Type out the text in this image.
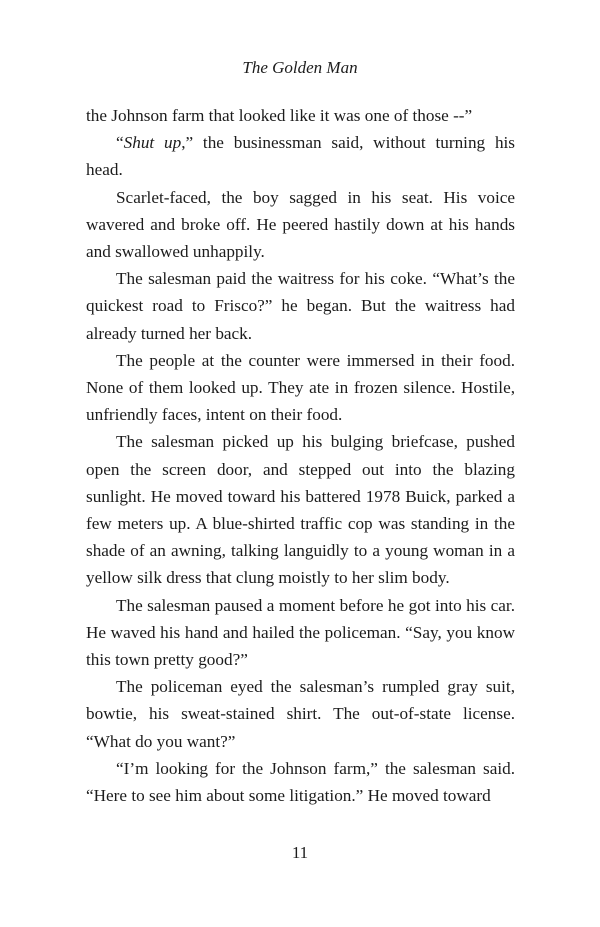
The Golden Man

the Johnson farm that looked like it was one of those --”

“Shut up,” the businessman said, without turning his head.

Scarlet-faced, the boy sagged in his seat. His voice wavered and broke off. He peered hastily down at his hands and swallowed unhappily.

The salesman paid the waitress for his coke. “What’s the quickest road to Frisco?” he began. But the waitress had already turned her back.

The people at the counter were immersed in their food. None of them looked up. They ate in frozen silence. Hostile, unfriendly faces, intent on their food.

The salesman picked up his bulging briefcase, pushed open the screen door, and stepped out into the blazing sunlight. He moved toward his battered 1978 Buick, parked a few meters up. A blue-shirted traffic cop was standing in the shade of an awning, talking languidly to a young woman in a yellow silk dress that clung moistly to her slim body.

The salesman paused a moment before he got into his car. He waved his hand and hailed the policeman. “Say, you know this town pretty good?”

The policeman eyed the salesman’s rumpled gray suit, bowtie, his sweat-stained shirt. The out-of-state license. “What do you want?”

“I’m looking for the Johnson farm,” the salesman said. “Here to see him about some litigation.” He moved toward

11
